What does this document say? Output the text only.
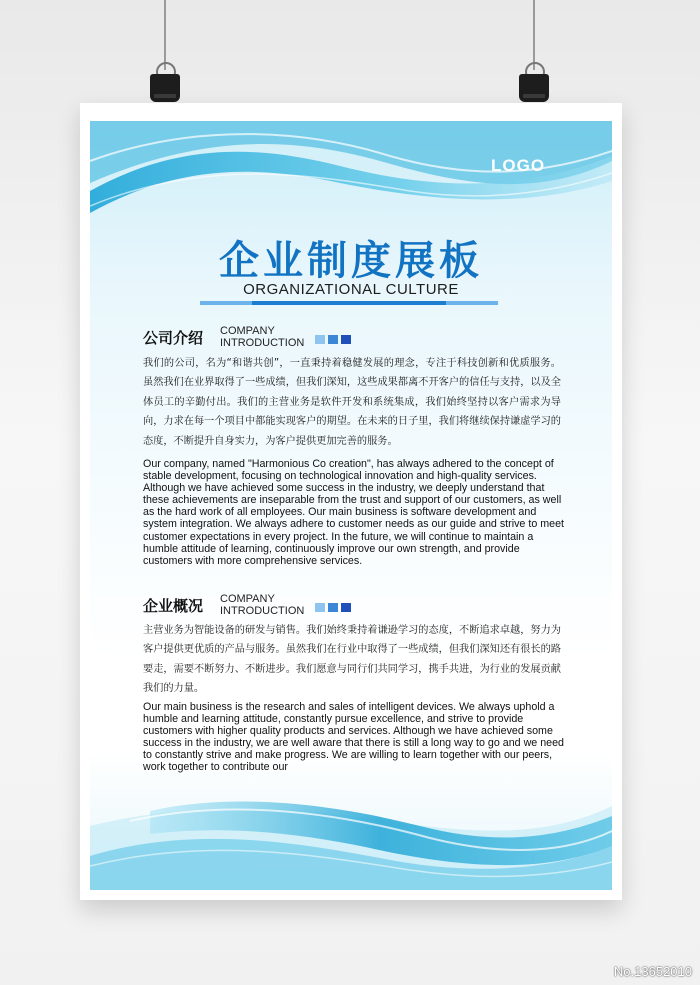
LOGO
企业制度展板
ORGANIZATIONAL CULTURE
公司介绍 COMPANY
INTRODUCTION

我们的公司，名为“和谐共创”，一直秉持着稳健发展的理念，专注于科技创新和优质服务。虽然我们在业界取得了一些成绩，但我们深知，这些成果都离不开客户的信任与支持，以及全体员工的辛勤付出。我们的主营业务是软件开发和系统集成，我们始终坚持以客户需求为导向，力求在每一个项目中都能实现客户的期望。在未来的日子里，我们将继续保持谦虚学习的态度，不断提升自身实力，为客户提供更加完善的服务。

Our company, named "Harmonious Co creation", has always adhered to the concept of stable development, focusing on technological innovation and high-quality services. Although we have achieved some success in the industry, we deeply understand that these achievements are inseparable from the trust and support of our customers, as well as the hard work of all employees. Our main business is software development and system integration. We always adhere to customer needs as our guide and strive to meet customer expectations in every project. In the future, we will continue to maintain a humble attitude of learning, continuously improve our own strength, and provide customers with more comprehensive services.

企业概况 COMPANY
INTRODUCTION

主营业务为智能设备的研发与销售。我们始终秉持着谦逊学习的态度，不断追求卓越，努力为客户提供更优质的产品与服务。虽然我们在行业中取得了一些成绩，但我们深知还有很长的路要走，需要不断努力、不断进步。我们愿意与同行们共同学习，携手共进，为行业的发展贡献我们的力量。

Our main business is the research and sales of intelligent devices. We always uphold a humble and learning attitude, constantly pursue excellence, and strive to provide customers with higher quality products and services. Although we have achieved some success in the industry, we are well aware that there is still a long way to go and we need to constantly strive and make progress. We are willing to learn together with our peers, work together to contribute our

No.13652010
